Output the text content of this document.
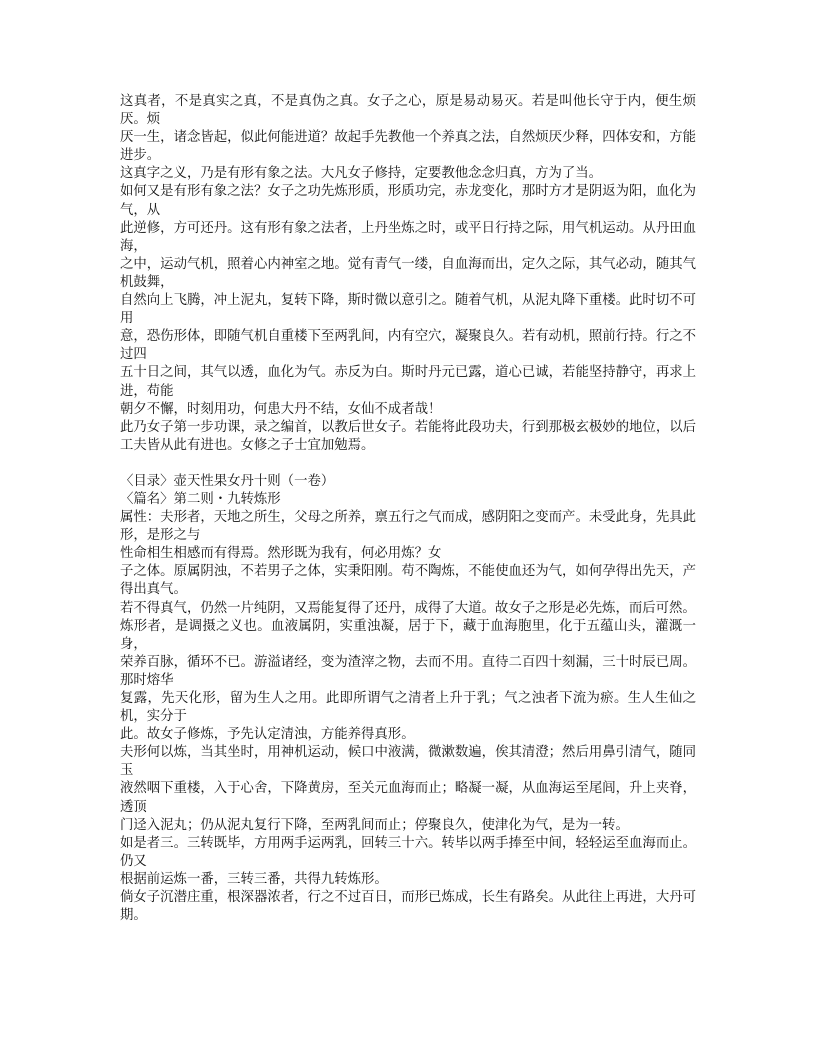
这真者，不是真实之真，不是真伪之真。女子之心，原是易动易灭。若是叫他长守于内，便生烦厌。烦

厌一生，诸念皆起，似此何能进道？故起手先教他一个养真之法，自然烦厌少释，四体安和，方能进步。

这真字之义，乃是有形有象之法。大凡女子修持，定要教他念念归真，方为了当。

如何又是有形有象之法？女子之功先炼形质，形质功完，赤龙变化，那时方才是阴返为阳，血化为气，从

此逆修，方可还丹。这有形有象之法者，上丹坐炼之时，或平日行持之际，用气机运动。从丹田血海，

之中，运动气机，照着心内神室之地。觉有青气一缕，自血海而出，定久之际，其气必动，随其气机鼓舞，

自然向上飞腾，冲上泥丸，复转下降，斯时微以意引之。随着气机，从泥丸降下重楼。此时切不可用

意，恐伤形体，即随气机自重楼下至两乳间，内有空穴，凝聚良久。若有动机，照前行持。行之不过四

五十日之间，其气以透，血化为气。赤反为白。斯时丹元已露，道心已诚，若能坚持静守，再求上进，苟能

朝夕不懈，时刻用功，何患大丹不结，女仙不成者哉！

此乃女子第一步功课，录之编首，以教后世女子。若能将此段功夫，行到那极玄极妙的地位，以后工夫皆从此有进也。女修之子士宜加勉焉。

〈目录〉壶天性果女丹十则（一卷）

〈篇名〉第二则・九转炼形

属性：夫形者，天地之所生，父母之所养，禀五行之气而成，感阴阳之变而产。未受此身，先具此形，是形之与

性命相生相感而有得焉。然形既为我有，何必用炼？女

子之体。原属阴浊，不若男子之体，实秉阳刚。苟不陶炼，不能使血还为气，如何孕得出先天，产得出真气。

若不得真气，仍然一片纯阴，又焉能复得了还丹，成得了大道。故女子之形是必先炼，而后可然。

炼形者，是调摄之义也。血液属阴，实重浊凝，居于下，藏于血海胞里，化于五蕴山头，灌溉一身，

荣养百脉，循环不已。游溢诸经，变为渣滓之物，去而不用。直待二百四十刻漏，三十时辰已周。那时熔华

复露，先天化形，留为生人之用。此即所谓气之清者上升于乳；气之浊者下流为瘀。生人生仙之机，实分于

此。故女子修炼，予先认定清浊，方能养得真形。

夫形何以炼，当其坐时，用神机运动，候口中液满，微漱数遍，俟其清澄；然后用鼻引清气，随同玉

液然咽下重楼，入于心舍，下降黄房，至关元血海而止；略凝一凝，从血海运至尾闾，升上夹脊，透顶

门迳入泥丸；仍从泥丸复行下降，至两乳间而止；停聚良久，使津化为气，是为一转。

如是者三。三转既毕，方用两手运两乳，回转三十六。转毕以两手捧至中间，轻轻运至血海而止。仍又

根据前运炼一番，三转三番，共得九转炼形。

倘女子沉潜庄重，根深器浓者，行之不过百日，而形已炼成，长生有路矣。从此往上再进，大丹可期。
